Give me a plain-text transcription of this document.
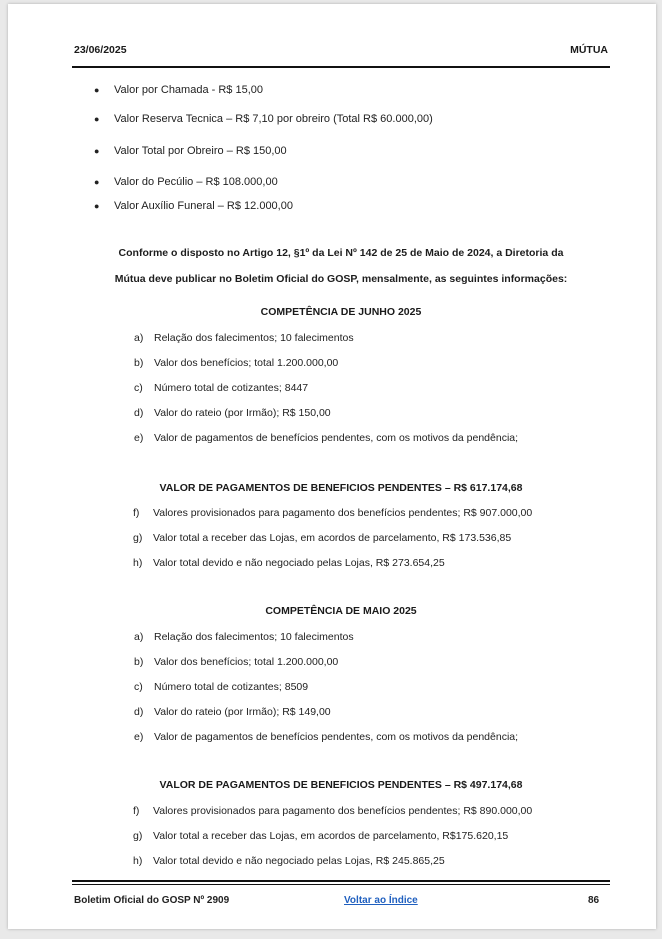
23/06/2025	MÚTUA
● Valor por Chamada - R$ 15,00
● Valor Reserva Tecnica – R$ 7,10 por obreiro (Total R$ 60.000,00)
● Valor Total por Obreiro – R$ 150,00
● Valor do Pecúlio – R$ 108.000,00
● Valor Auxílio Funeral – R$ 12.000,00
Conforme o disposto no Artigo 12, §1º da Lei Nº 142 de 25 de Maio de 2024, a Diretoria da
Mútua deve publicar no Boletim Oficial do GOSP, mensalmente, as seguintes informações:
COMPETÊNCIA DE JUNHO 2025
a) Relação dos falecimentos; 10 falecimentos
b) Valor dos benefícios; total 1.200.000,00
c) Número total de cotizantes; 8447
d) Valor do rateio (por Irmão); R$ 150,00
e) Valor de pagamentos de benefícios pendentes, com os motivos da pendência;
VALOR DE PAGAMENTOS DE BENEFICIOS PENDENTES – R$ 617.174,68
f) Valores provisionados para pagamento dos benefícios pendentes; R$ 907.000,00
g) Valor total a receber das Lojas, em acordos de parcelamento, R$ 173.536,85
h) Valor total devido e não negociado pelas Lojas, R$ 273.654,25
COMPETÊNCIA DE MAIO 2025
a) Relação dos falecimentos; 10 falecimentos
b) Valor dos benefícios; total 1.200.000,00
c) Número total de cotizantes; 8509
d) Valor do rateio (por Irmão); R$ 149,00
e) Valor de pagamentos de benefícios pendentes, com os motivos da pendência;
VALOR DE PAGAMENTOS DE BENEFICIOS PENDENTES – R$ 497.174,68
f) Valores provisionados para pagamento dos benefícios pendentes; R$ 890.000,00
g) Valor total a receber das Lojas, em acordos de parcelamento, R$175.620,15
h) Valor total devido e não negociado pelas Lojas, R$ 245.865,25
Boletim Oficial do GOSP Nº 2909	Voltar ao Índice	86
